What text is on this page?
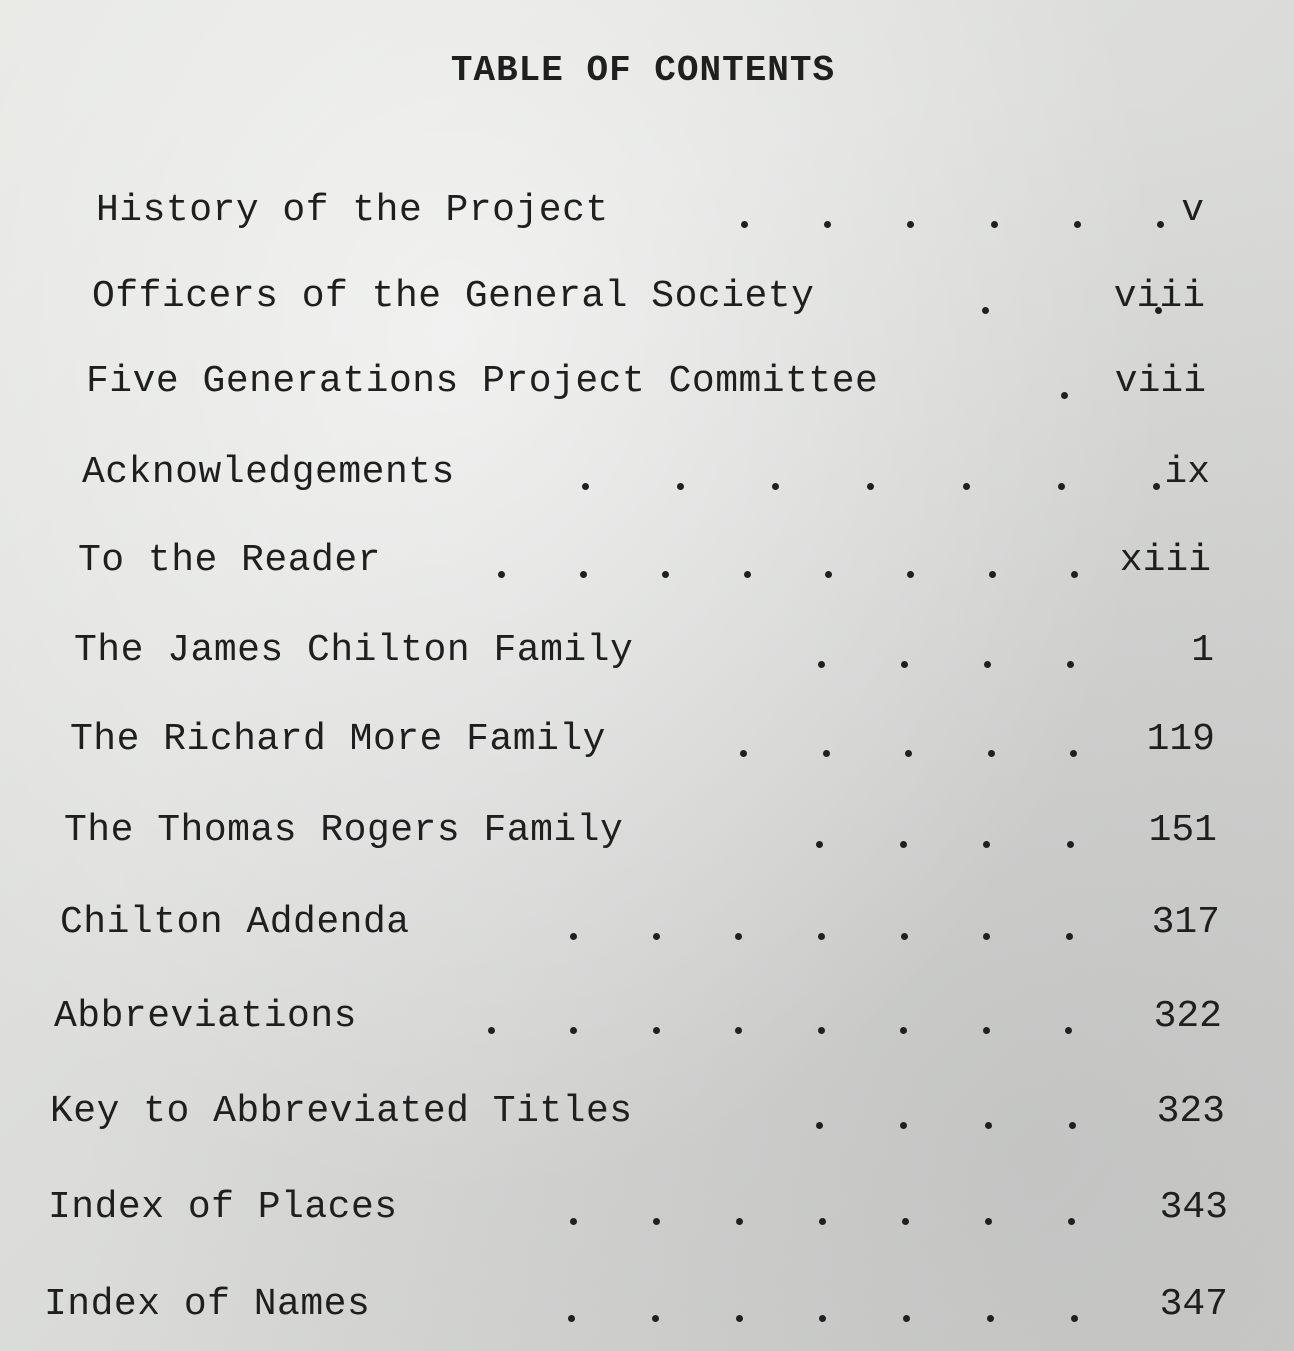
TABLE OF CONTENTS
History of the Project	v
Officers of the General Society	viii
Five Generations Project Committee	viii
Acknowledgements	ix
To the Reader	xiii
The James Chilton Family	1
The Richard More Family	119
The Thomas Rogers Family	151
Chilton Addenda	317
Abbreviations	322
Key to Abbreviated Titles	323
Index of Places	343
Index of Names	347
